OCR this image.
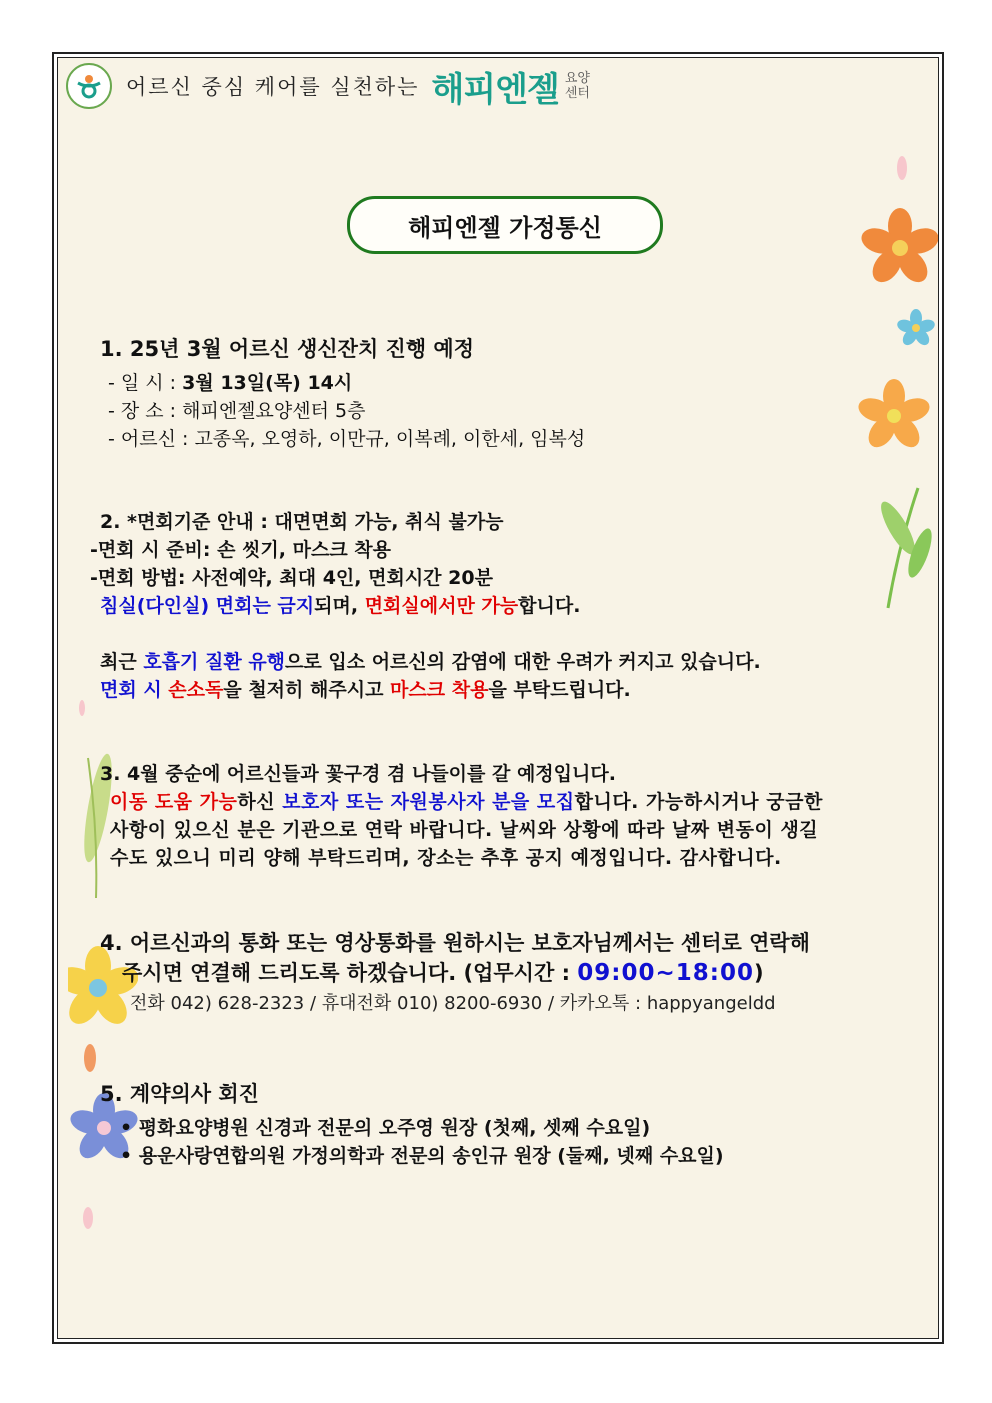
어르신 중심 케어를 실천하는 해피엔젤 요양 센터
해피엔젤 가정통신
1. 25년 3월 어르신 생신잔치 진행 예정
- 일 시 : 3월 13일(목) 14시
- 장 소 : 해피엔젤요양센터 5층
- 어르신 : 고종옥, 오영하, 이만규, 이복례, 이한세, 임복성
2. *면회기준 안내 : 대면면회 가능, 취식 불가능
-면회 시 준비: 손 씻기, 마스크 착용
-면회 방법: 사전예약, 최대 4인, 면회시간 20분
침실(다인실) 면회는 금지되며, 면회실에서만 가능합니다.
최근 호흡기 질환 유행으로 입소 어르신의 감염에 대한 우려가 커지고 있습니다.
면회 시 손소독을 철저히 해주시고 마스크 착용을 부탁드립니다.
3. 4월 중순에 어르신들과 꽃구경 겸 나들이를 갈 예정입니다.
이동 도움 가능하신 보호자 또는 자원봉사자 분을 모집합니다. 가능하시거나 궁금한
사항이 있으신 분은 기관으로 연락 바랍니다. 날씨와 상황에 따라 날짜 변동이 생길
수도 있으니 미리 양해 부탁드리며, 장소는 추후 공지 예정입니다. 감사합니다.
4. 어르신과의 통화 또는 영상통화를 원하시는 보호자님께서는 센터로 연락해
주시면 연결해 드리도록 하겠습니다. (업무시간 : 09:00~18:00)
전화 042) 628-2323 / 휴대전화 010) 8200-6930 / 카카오톡 : happyangeldd
5. 계약의사 회진
• 평화요양병원 신경과 전문의 오주영 원장 (첫째, 셋째 수요일)
• 용운사랑연합의원 가정의학과 전문의 송인규 원장 (둘째, 넷째 수요일)
